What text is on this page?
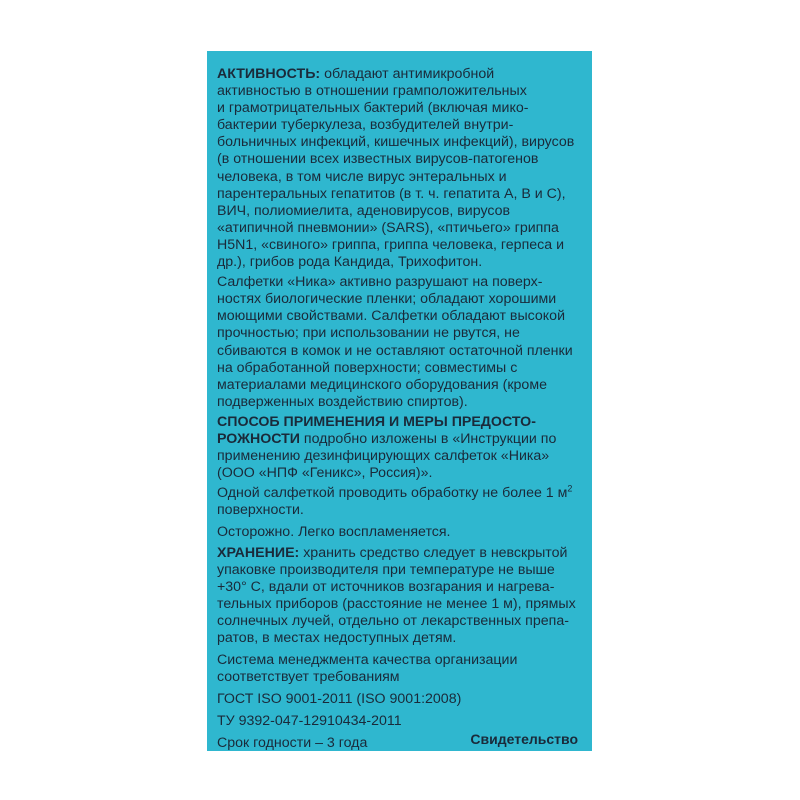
АКТИВНОСТЬ: обладают антимикробной
активностью в отношении грамположительных
и грамотрицательных бактерий (включая мико-
бактерии туберкулеза, возбудителей внутри-
больничных инфекций, кишечных инфекций), вирусов
(в отношении всех известных вирусов-патогенов
человека, в том числе вирус энтеральных и
парентеральных гепатитов (в т. ч. гепатита А, В и С),
ВИЧ, полиомиелита, аденовирусов, вирусов
«атипичной пневмонии» (SARS), «птичьего» гриппа
H5N1, «свиного» гриппа, гриппа человека, герпеса и
др.), грибов рода Кандида, Трихофитон.
Салфетки «Ника» активно разрушают на поверх-
ностях биологические пленки; обладают хорошими
моющими свойствами. Салфетки обладают высокой
прочностью; при использовании не рвутся, не
сбиваются в комок и не оставляют остаточной пленки
на обработанной поверхности; совместимы с
материалами медицинского оборудования (кроме
подверженных воздействию спиртов).
СПОСОБ ПРИМЕНЕНИЯ И МЕРЫ ПРЕДОСТО-
РОЖНОСТИ подробно изложены в «Инструкции по
применению дезинфицирующих салфеток «Ника»
(ООО «НПФ «Геникс», Россия)».
Одной салфеткой проводить обработку не более 1 $м^2$
поверхности.
Осторожно. Легко воспламеняется.
ХРАНЕНИЕ: хранить средство следует в невскрытой
упаковке производителя при температуре не выше
+30° С, вдали от источников возгарания и нагрева-
тельных приборов (расстояние не менее 1 м), прямых
солнечных лучей, отдельно от лекарственных препа-
ратов, в местах недоступных детям.
Система менеджмента качества организации
соответствует требованиям
ГОСТ ISO 9001-2011 (ISO 9001:2008)
ТУ 9392-047-12910434-2011
Срок годности – 3 года	Свидетельство
